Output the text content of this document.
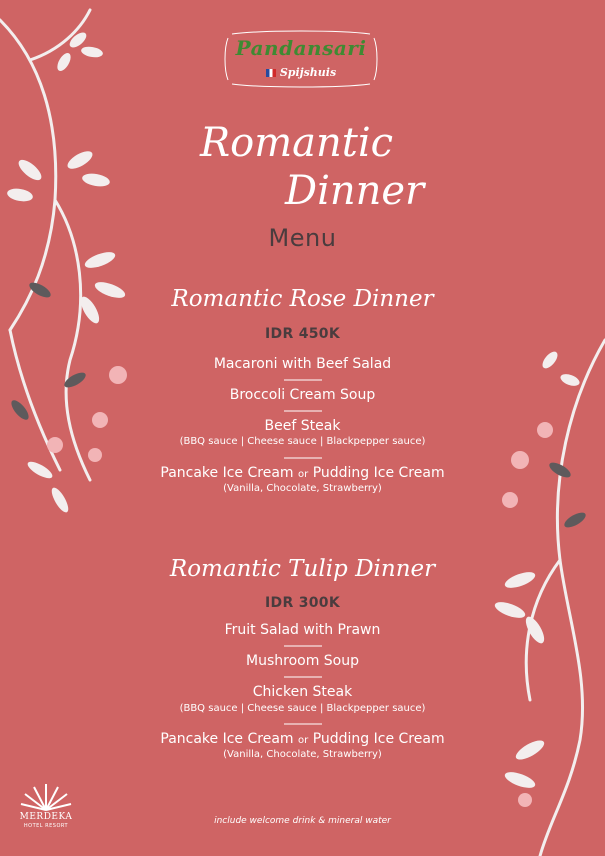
Pandansari
Spijshuis
Romantic
Dinner
Menu
Romantic Rose Dinner
IDR 450K
Macaroni with Beef Salad
Broccoli Cream Soup
Beef Steak
(BBQ sauce | Cheese sauce | Blackpepper sauce)
Pancake Ice Cream or Pudding Ice Cream
(Vanilla, Chocolate, Strawberry)
Romantic Tulip Dinner
IDR 300K
Fruit Salad with Prawn
Mushroom Soup
Chicken Steak
(BBQ sauce | Cheese sauce | Blackpepper sauce)
Pancake Ice Cream or Pudding Ice Cream
(Vanilla, Chocolate, Strawberry)
include welcome drink & mineral water
MERDEKA
HOTEL RESORT
